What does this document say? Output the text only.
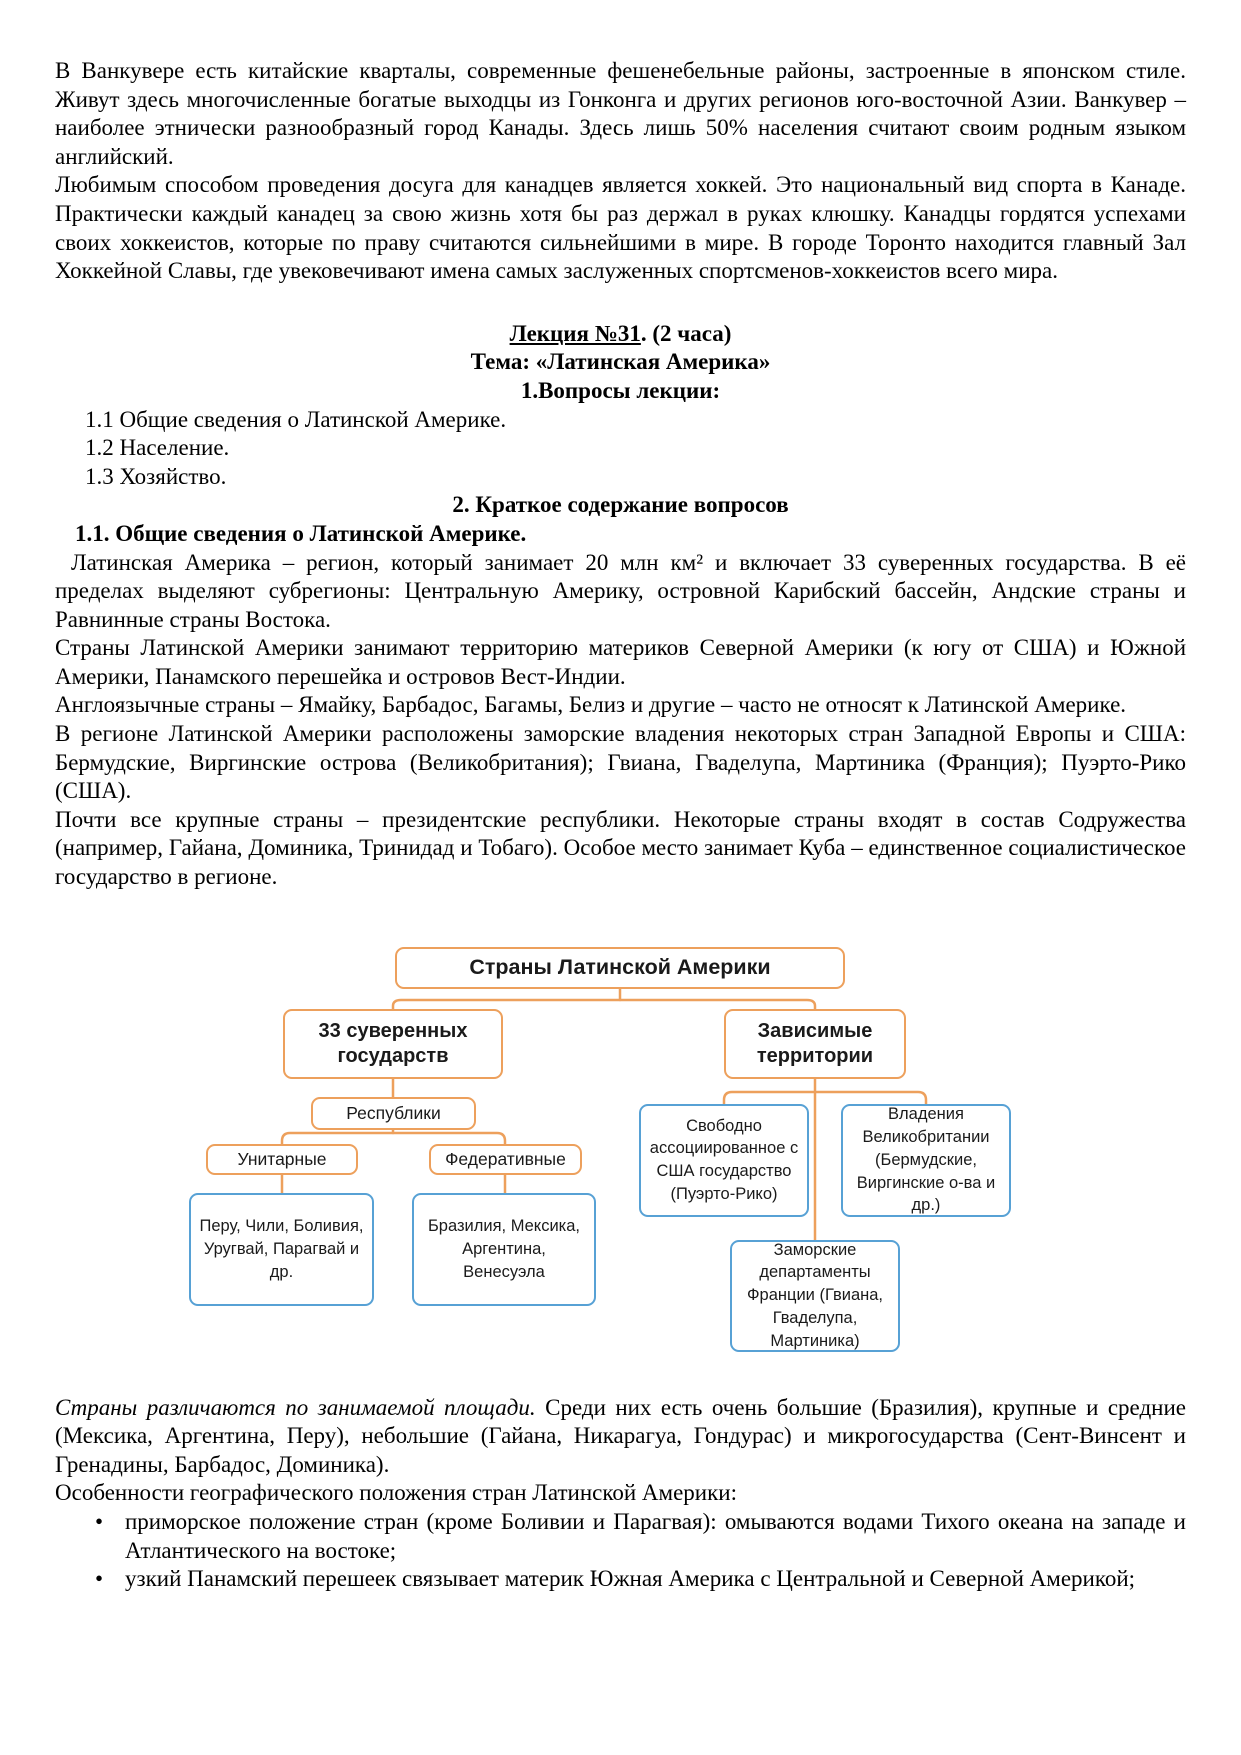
В Ванкувере есть китайские кварталы, современные фешенебельные районы, застроенные в японском стиле. Живут здесь многочисленные богатые выходцы из Гонконга и других регионов юго-восточной Азии. Ванкувер – наиболее этнически разнообразный город Канады. Здесь лишь 50% населения считают своим родным языком английский.

Любимым способом проведения досуга для канадцев является хоккей. Это национальный вид спорта в Канаде. Практически каждый канадец за свою жизнь хотя бы раз держал в руках клюшку. Канадцы гордятся успехами своих хоккеистов, которые по праву считаются сильнейшими в мире. В городе Торонто находится главный Зал Хоккейной Славы, где увековечивают имена самых заслуженных спортсменов-хоккеистов всего мира.

Лекция №31. (2 часа)
Тема: «Латинская Америка»
1.Вопросы лекции:
1.1 Общие сведения о Латинской Америке.
1.2 Население.
1.3 Хозяйство.
2. Краткое содержание вопросов
1.1. Общие сведения о Латинской Америке.

Латинская Америка – регион, который занимает 20 млн км² и включает 33 суверенных государства. В её пределах выделяют субрегионы: Центральную Америку, островной Карибский бассейн, Андские страны и Равнинные страны Востока.

Страны Латинской Америки занимают территорию материков Северной Америки (к югу от США) и Южной Америки, Панамского перешейка и островов Вест-Индии.

Англоязычные страны – Ямайку, Барбадос, Багамы, Белиз и другие – часто не относят к Латинской Америке.

В регионе Латинской Америки расположены заморские владения некоторых стран Западной Европы и США: Бермудские, Виргинские острова (Великобритания); Гвиана, Гваделупа, Мартиника (Франция); Пуэрто-Рико (США).

Почти все крупные страны – президентские республики. Некоторые страны входят в состав Содружества (например, Гайана, Доминика, Тринидад и Тобаго). Особое место занимает Куба – единственное социалистическое государство в регионе.

Страны Латинской Америки
33 суверенных государств
Зависимые территории
Республики
Унитарные	Федеративные
Перу, Чили, Боливия, Уругвай, Парагвай и др.
Бразилия, Мексика, Аргентина, Венесуэла
Свободно ассоциированное с США государство (Пуэрто-Рико)
Владения Великобритании (Бермудские, Виргинские о-ва и др.)
Заморские департаменты Франции (Гвиана, Гваделупа, Мартиника)

Страны различаются по занимаемой площади. Среди них есть очень большие (Бразилия), крупные и средние (Мексика, Аргентина, Перу), небольшие (Гайана, Никарагуа, Гондурас) и микрогосударства (Сент-Винсент и Гренадины, Барбадос, Доминика).

Особенности географического положения стран Латинской Америки:

• приморское положение стран (кроме Боливии и Парагвая): омываются водами Тихого океана на западе и Атлантического на востоке;
• узкий Панамский перешеек связывает материк Южная Америка с Центральной и Северной Америкой;
